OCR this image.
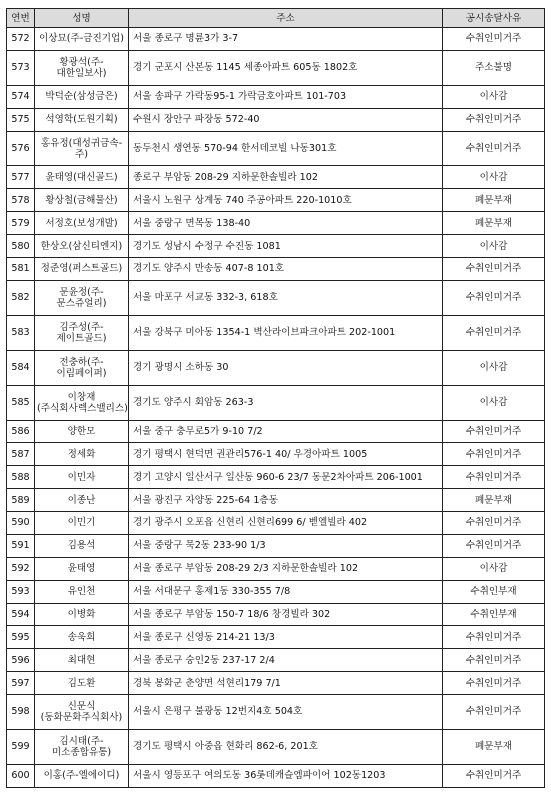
연번	성명	주소	공시송달사유
572	이상묘(주-금진기업)	서울 종로구 명륜3가 3-7	수취인미거주
573	황광석(주-대한일보사)	경기 군포시 산본동 1145 세종아파트 605동 1802호	주소불명
574	박덕순(삼성금은)	서울 송파구 가락동95-1 가락금호아파트 101-703	이사감
575	석영학(도원기획)	수원시 장안구 파장동 572-40	수취인미거주
576	홍유정(대성귀금속-주)	동두천시 생연동 570-94 한서데코빌 나동301호	수취인미거주
577	윤태영(대신골드)	종로구 부암동 208-29 지하문한솔빌라 102	이사감
578	황상철(금해물산)	서울시 노원구 상계동 740 주공아파트 220-1010호	폐문부재
579	서정호(보성개발)	서울 중랑구 면목동 138-40	폐문부재
580	한상오(삼신티엔지)	경기도 성남시 수정구 수진동 1081	이사감
581	정준영(퍼스트골드)	경기도 양주시 만송동 407-8 101호	수취인미거주
582	문윤정(주-문스쥬얼리)	서울 마포구 서교동 332-3, 618호	수취인미거주
583	김주성(주-제이트골드)	서울 강북구 미아동 1354-1 벽산라이브파크아파트 202-1001	수취인미거주
584	전충하(주-이림페이퍼)	경기 광명시 소하동 30	이사감
585	이창재(주식회사렉스밸리스)	경기도 양주시 회암동 263-3	이사감
586	양한모	서울 중구 충무로5가 9-10 7/2	수취인미거주
587	정세화	경기 평택시 현덕면 권관리576-1 40/ 우경아파트 1005	수취인미거주
588	이민자	경기 고양시 일산서구 일산동 960-6 23/7 동문2차아파트 206-1001	수취인미거주
589	이종난	서울 광진구 자양동 225-64 1층동	폐문부재
590	이민기	경기 광주시 오포읍 신현리 신현리699 6/ 벧엘빌라 402	수취인미거주
591	김용석	서울 중랑구 묵2동 233-90 1/3	수취인미거주
592	윤태영	서울 종로구 부암동 208-29 2/3 지하문한솔빌라 102	이사감
593	유인천	서울 서대문구 홍제1동 330-355 7/8	수취인부재
594	이병화	서울 종로구 부암동 150-7 18/6 창경빌라 302	수취인부재
595	송욱희	서울 종로구 신영동 214-21 13/3	수취인미거주
596	최대현	서울 종로구 숭인2동 237-17 2/4	수취인미거주
597	김도환	경북 봉화군 춘양면 석현리179 7/1	수취인미거주
598	신문식(동화문화주식회사)	서울시 은평구 불광동 12번지4호 504호	수취인미거주
599	김시태(주-미소종합유통)	경기도 평택시 아중읍 현화리 862-6, 201호	폐문부재
600	이홍(주-엘에이디)	서울시 영등포구 여의도동 36롯데캐슬엠파이어 102동1203	수취인미거주
